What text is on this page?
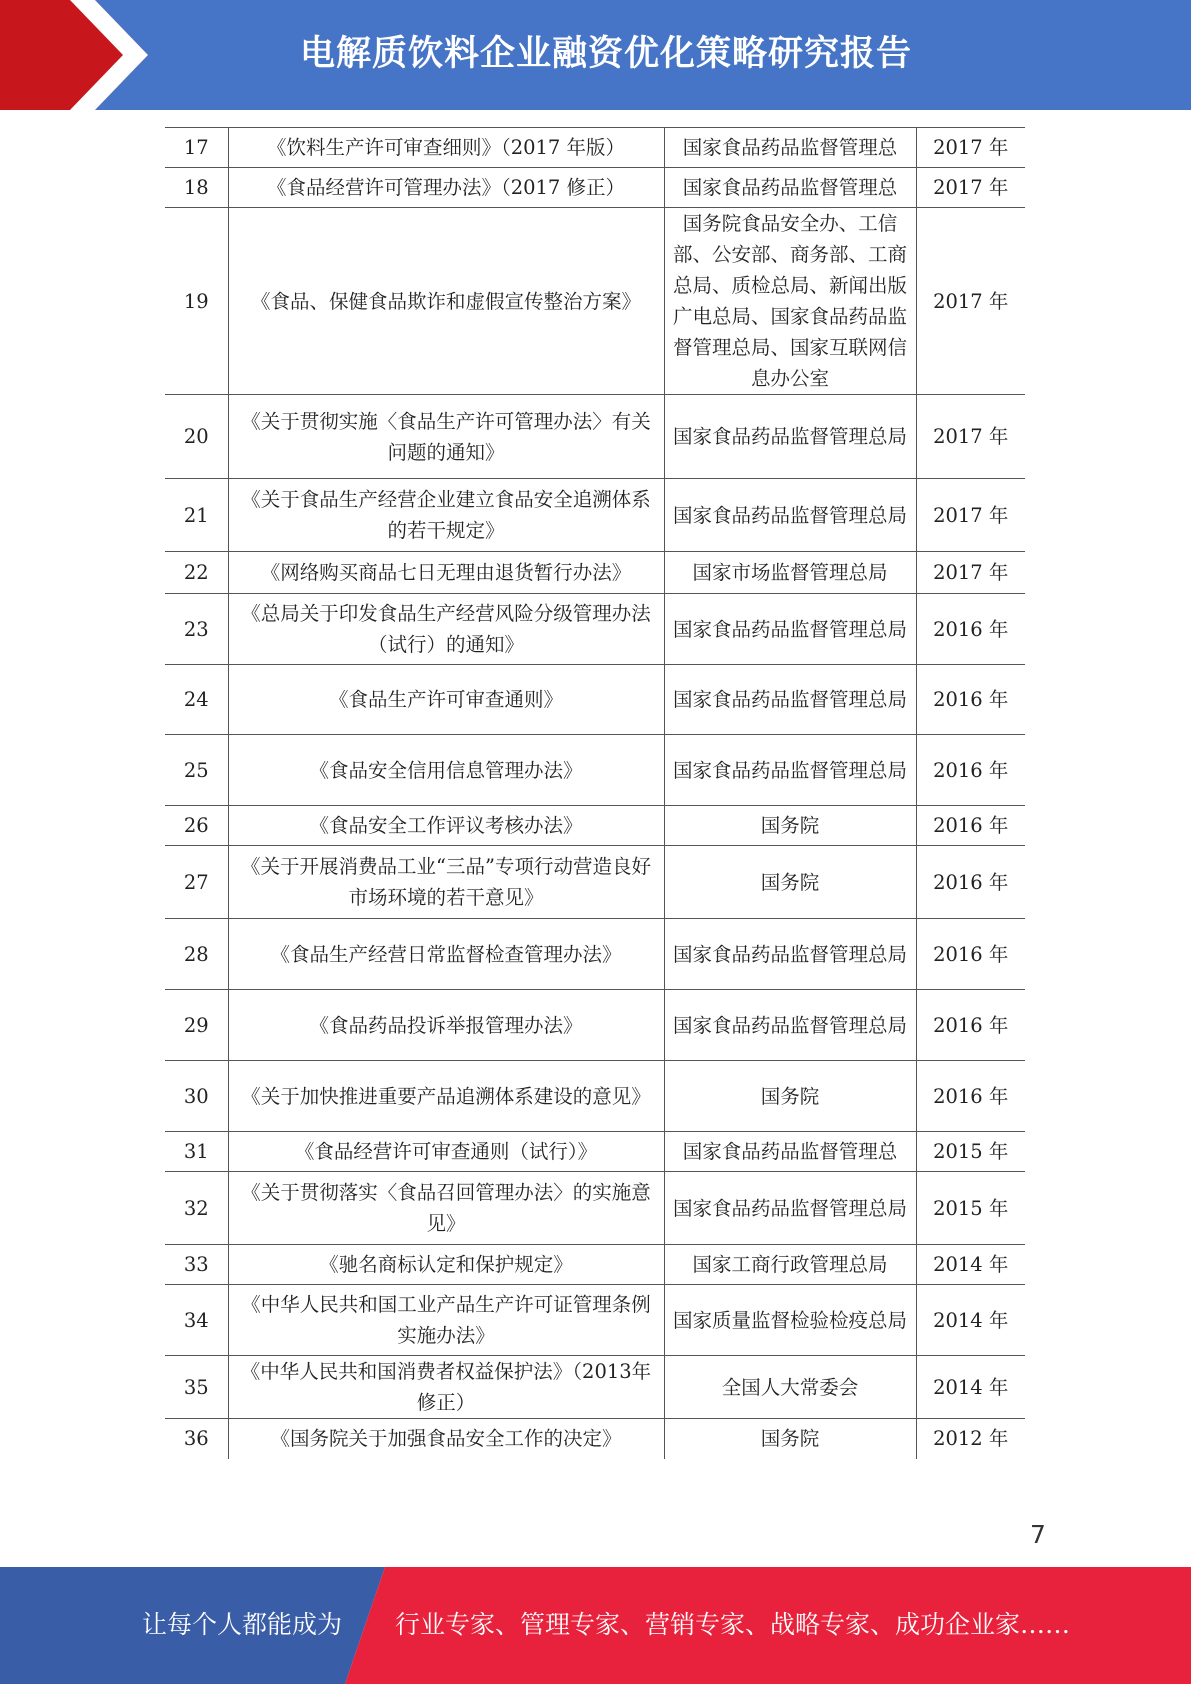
电解质饮料企业融资优化策略研究报告
17	《饮料生产许可审查细则》（2017 年版）	国家食品药品监督管理总	2017 年
18	《食品经营许可管理办法》（2017 修正）	国家食品药品监督管理总	2017 年
19	《食品、保健食品欺诈和虚假宣传整治方案》	国务院食品安全办、工信部、公安部、商务部、工商总局、质检总局、新闻出版广电总局、国家食品药品监督管理总局、国家互联网信息办公室	2017 年
20	《关于贯彻实施〈食品生产许可管理办法〉有关问题的通知》	国家食品药品监督管理总局	2017 年
21	《关于食品生产经营企业建立食品安全追溯体系的若干规定》	国家食品药品监督管理总局	2017 年
22	《网络购买商品七日无理由退货暂行办法》	国家市场监督管理总局	2017 年
23	《总局关于印发食品生产经营风险分级管理办法（试行）的通知》	国家食品药品监督管理总局	2016 年
24	《食品生产许可审查通则》	国家食品药品监督管理总局	2016 年
25	《食品安全信用信息管理办法》	国家食品药品监督管理总局	2016 年
26	《食品安全工作评议考核办法》	国务院	2016 年
27	《关于开展消费品工业“三品”专项行动营造良好市场环境的若干意见》	国务院	2016 年
28	《食品生产经营日常监督检查管理办法》	国家食品药品监督管理总局	2016 年
29	《食品药品投诉举报管理办法》	国家食品药品监督管理总局	2016 年
30	《关于加快推进重要产品追溯体系建设的意见》	国务院	2016 年
31	《食品经营许可审查通则（试行）》	国家食品药品监督管理总	2015 年
32	《关于贯彻落实〈食品召回管理办法〉的实施意见》	国家食品药品监督管理总局	2015 年
33	《驰名商标认定和保护规定》	国家工商行政管理总局	2014 年
34	《中华人民共和国工业产品生产许可证管理条例实施办法》	国家质量监督检验检疫总局	2014 年
35	《中华人民共和国消费者权益保护法》（2013年修正）	全国人大常委会	2014 年
36	《国务院关于加强食品安全工作的决定》	国务院	2012 年
7
让每个人都能成为 行业专家、管理专家、营销专家、战略专家、成功企业家……
